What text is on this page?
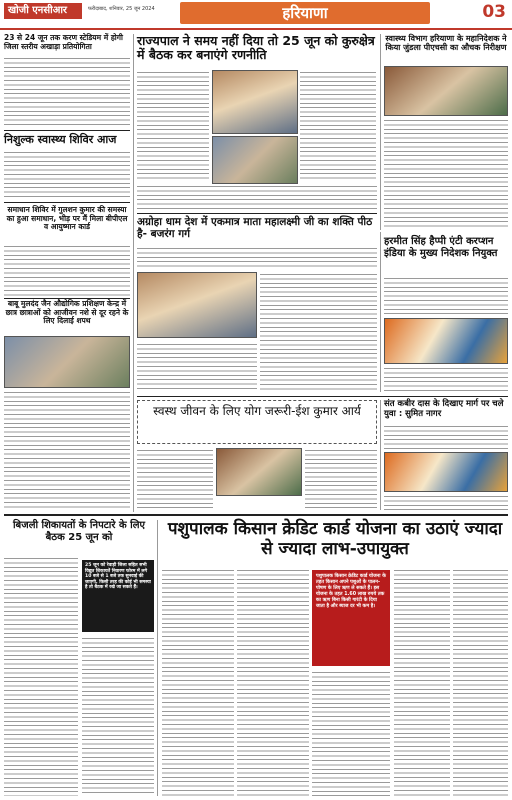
खोजी एनसीआर	फरीदाबाद, शनिवार, 25 जून 2024	हरियाणा	03
23 से 24 जून तक करण स्टेडियम में होगी जिला स्तरीय अखाड़ा प्रतियोगिता
निशुल्क स्वास्थ्य शिविर आज
समाधान शिविर में गुलशन कुमार की समस्या का हुआ समाधान, भीड़ पर मैं मिला बीपीएल व आयुष्मान कार्ड
बाबू मुलदंद जैन औद्योगिक प्रशिक्षण केन्द्र में छात्र छात्राओं को आजीवन नशे से दूर रहने के लिए दिलाई शपथ
राज्यपाल ने समय नहीं दिया तो 25 जून को कुरुक्षेत्र में बैठक कर बनाएंगे रणनीति
स्वास्थ्य विभाग हरियाणा के महानिदेशक ने किया जुंडला पीएचसी का औचक निरीक्षण
अग्रोहा धाम देश में एकमात्र माता महालक्ष्मी जी का शक्ति पीठ है- बजरंग गर्ग
हरमीत सिंह हैप्पी एंटी करप्शन इंडिया के मुख्य निदेशक नियुक्त
स्वस्थ जीवन के लिए योग जरूरी-ईश कुमार आर्य	संत कबीर दास के दिखाए मार्ग पर चले युवा : सुमित नागर
बिजली शिकायतों के निपटारे के लिए बैठक 25 जून को
25 जून को रेवाड़ी जिला सहित सभी विद्युत शिकायतें निवारण फोरम में लगे 10 बजे से 1 बजे तक सुनवाई की जाएगी, किसी तरह की कोई भी समस्या है तो बैठक में रखे जा सकते हैं।
पशुपालक किसान क्रेडिट कार्ड योजना का उठाएं ज्यादा से ज्यादा लाभ-उपायुक्त
पशुपालक किसान क्रेडिट कार्ड योजना के तहत किसान अपने पशुओं के पालन-पोषण के लिए ऋण ले सकते हैं। इस योजना के तहत 1.60 लाख रुपये तक का ऋण बिना किसी गारंटी के दिया जाता है और ब्याज दर भी कम है।
